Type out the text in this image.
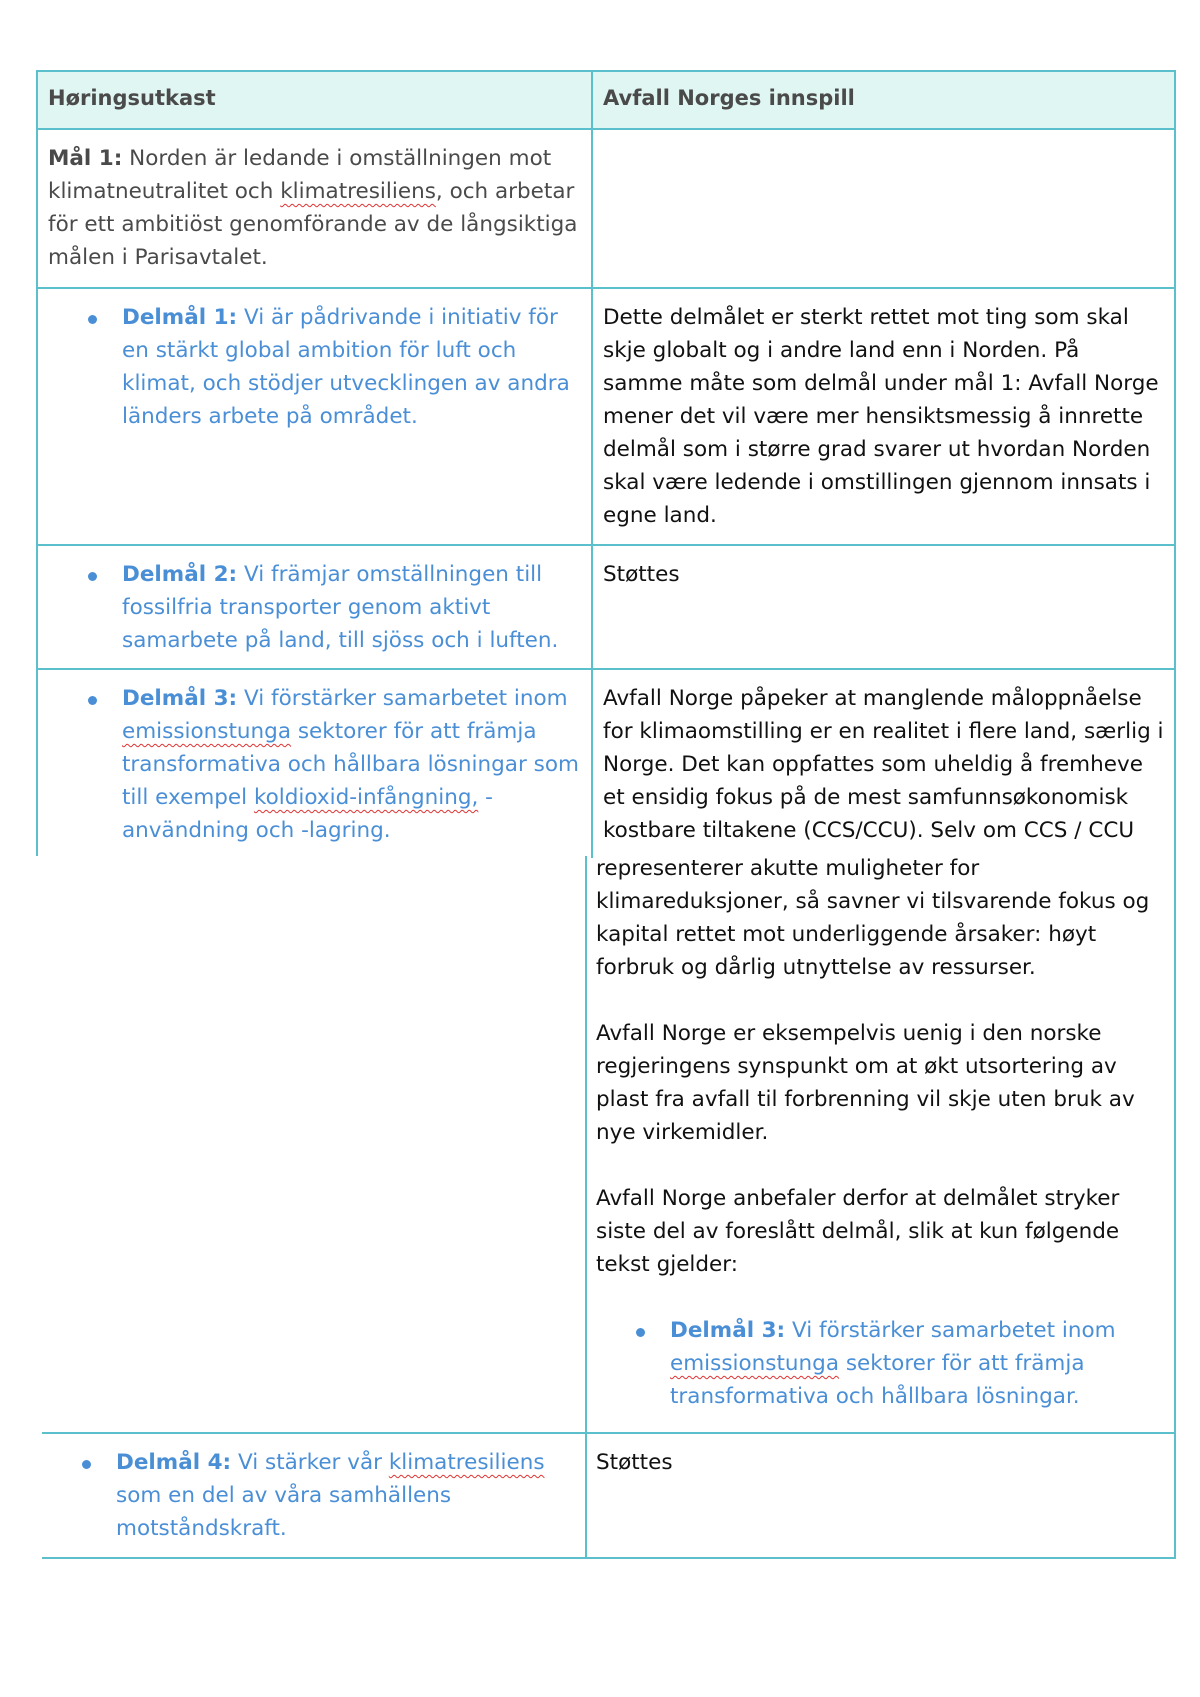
Høringsutkast	Avfall Norges innspill
Mål 1: Norden är ledande i omställningen mot klimatneutralitet och klimatresiliens, och arbetar för ett ambitiöst genomförande av de långsiktiga målen i Parisavtalet.
Delmål 1: Vi är pådrivande i initiativ för en stärkt global ambition för luft och klimat, och stödjer utvecklingen av andra länders arbete på området.
Dette delmålet er sterkt rettet mot ting som skal skje globalt og i andre land enn i Norden. På samme måte som delmål under mål 1: Avfall Norge mener det vil være mer hensiktsmessig å innrette delmål som i større grad svarer ut hvordan Norden skal være ledende i omstillingen gjennom innsats i egne land.
Delmål 2: Vi främjar omställningen till fossilfria transporter genom aktivt samarbete på land, till sjöss och i luften.
Støttes
Delmål 3: Vi förstärker samarbetet inom emissionstunga sektorer för att främja transformativa och hållbara lösningar som till exempel koldioxid-infångning, -användning och -lagring.
Avfall Norge påpeker at manglende måloppnåelse for klimaomstilling er en realitet i flere land, særlig i Norge. Det kan oppfattes som uheldig å fremheve et ensidig fokus på de mest samfunnsøkonomisk kostbare tiltakene (CCS/CCU). Selv om CCS / CCU
representerer akutte muligheter for klimareduksjoner, så savner vi tilsvarende fokus og kapital rettet mot underliggende årsaker: høyt forbruk og dårlig utnyttelse av ressurser.
Avfall Norge er eksempelvis uenig i den norske regjeringens synspunkt om at økt utsortering av plast fra avfall til forbrenning vil skje uten bruk av nye virkemidler.
Avfall Norge anbefaler derfor at delmålet stryker siste del av foreslått delmål, slik at kun følgende tekst gjelder:
Delmål 3: Vi förstärker samarbetet inom emissionstunga sektorer för att främja transformativa och hållbara lösningar.
Delmål 4: Vi stärker vår klimatresiliens som en del av våra samhällens motståndskraft.
Støttes
